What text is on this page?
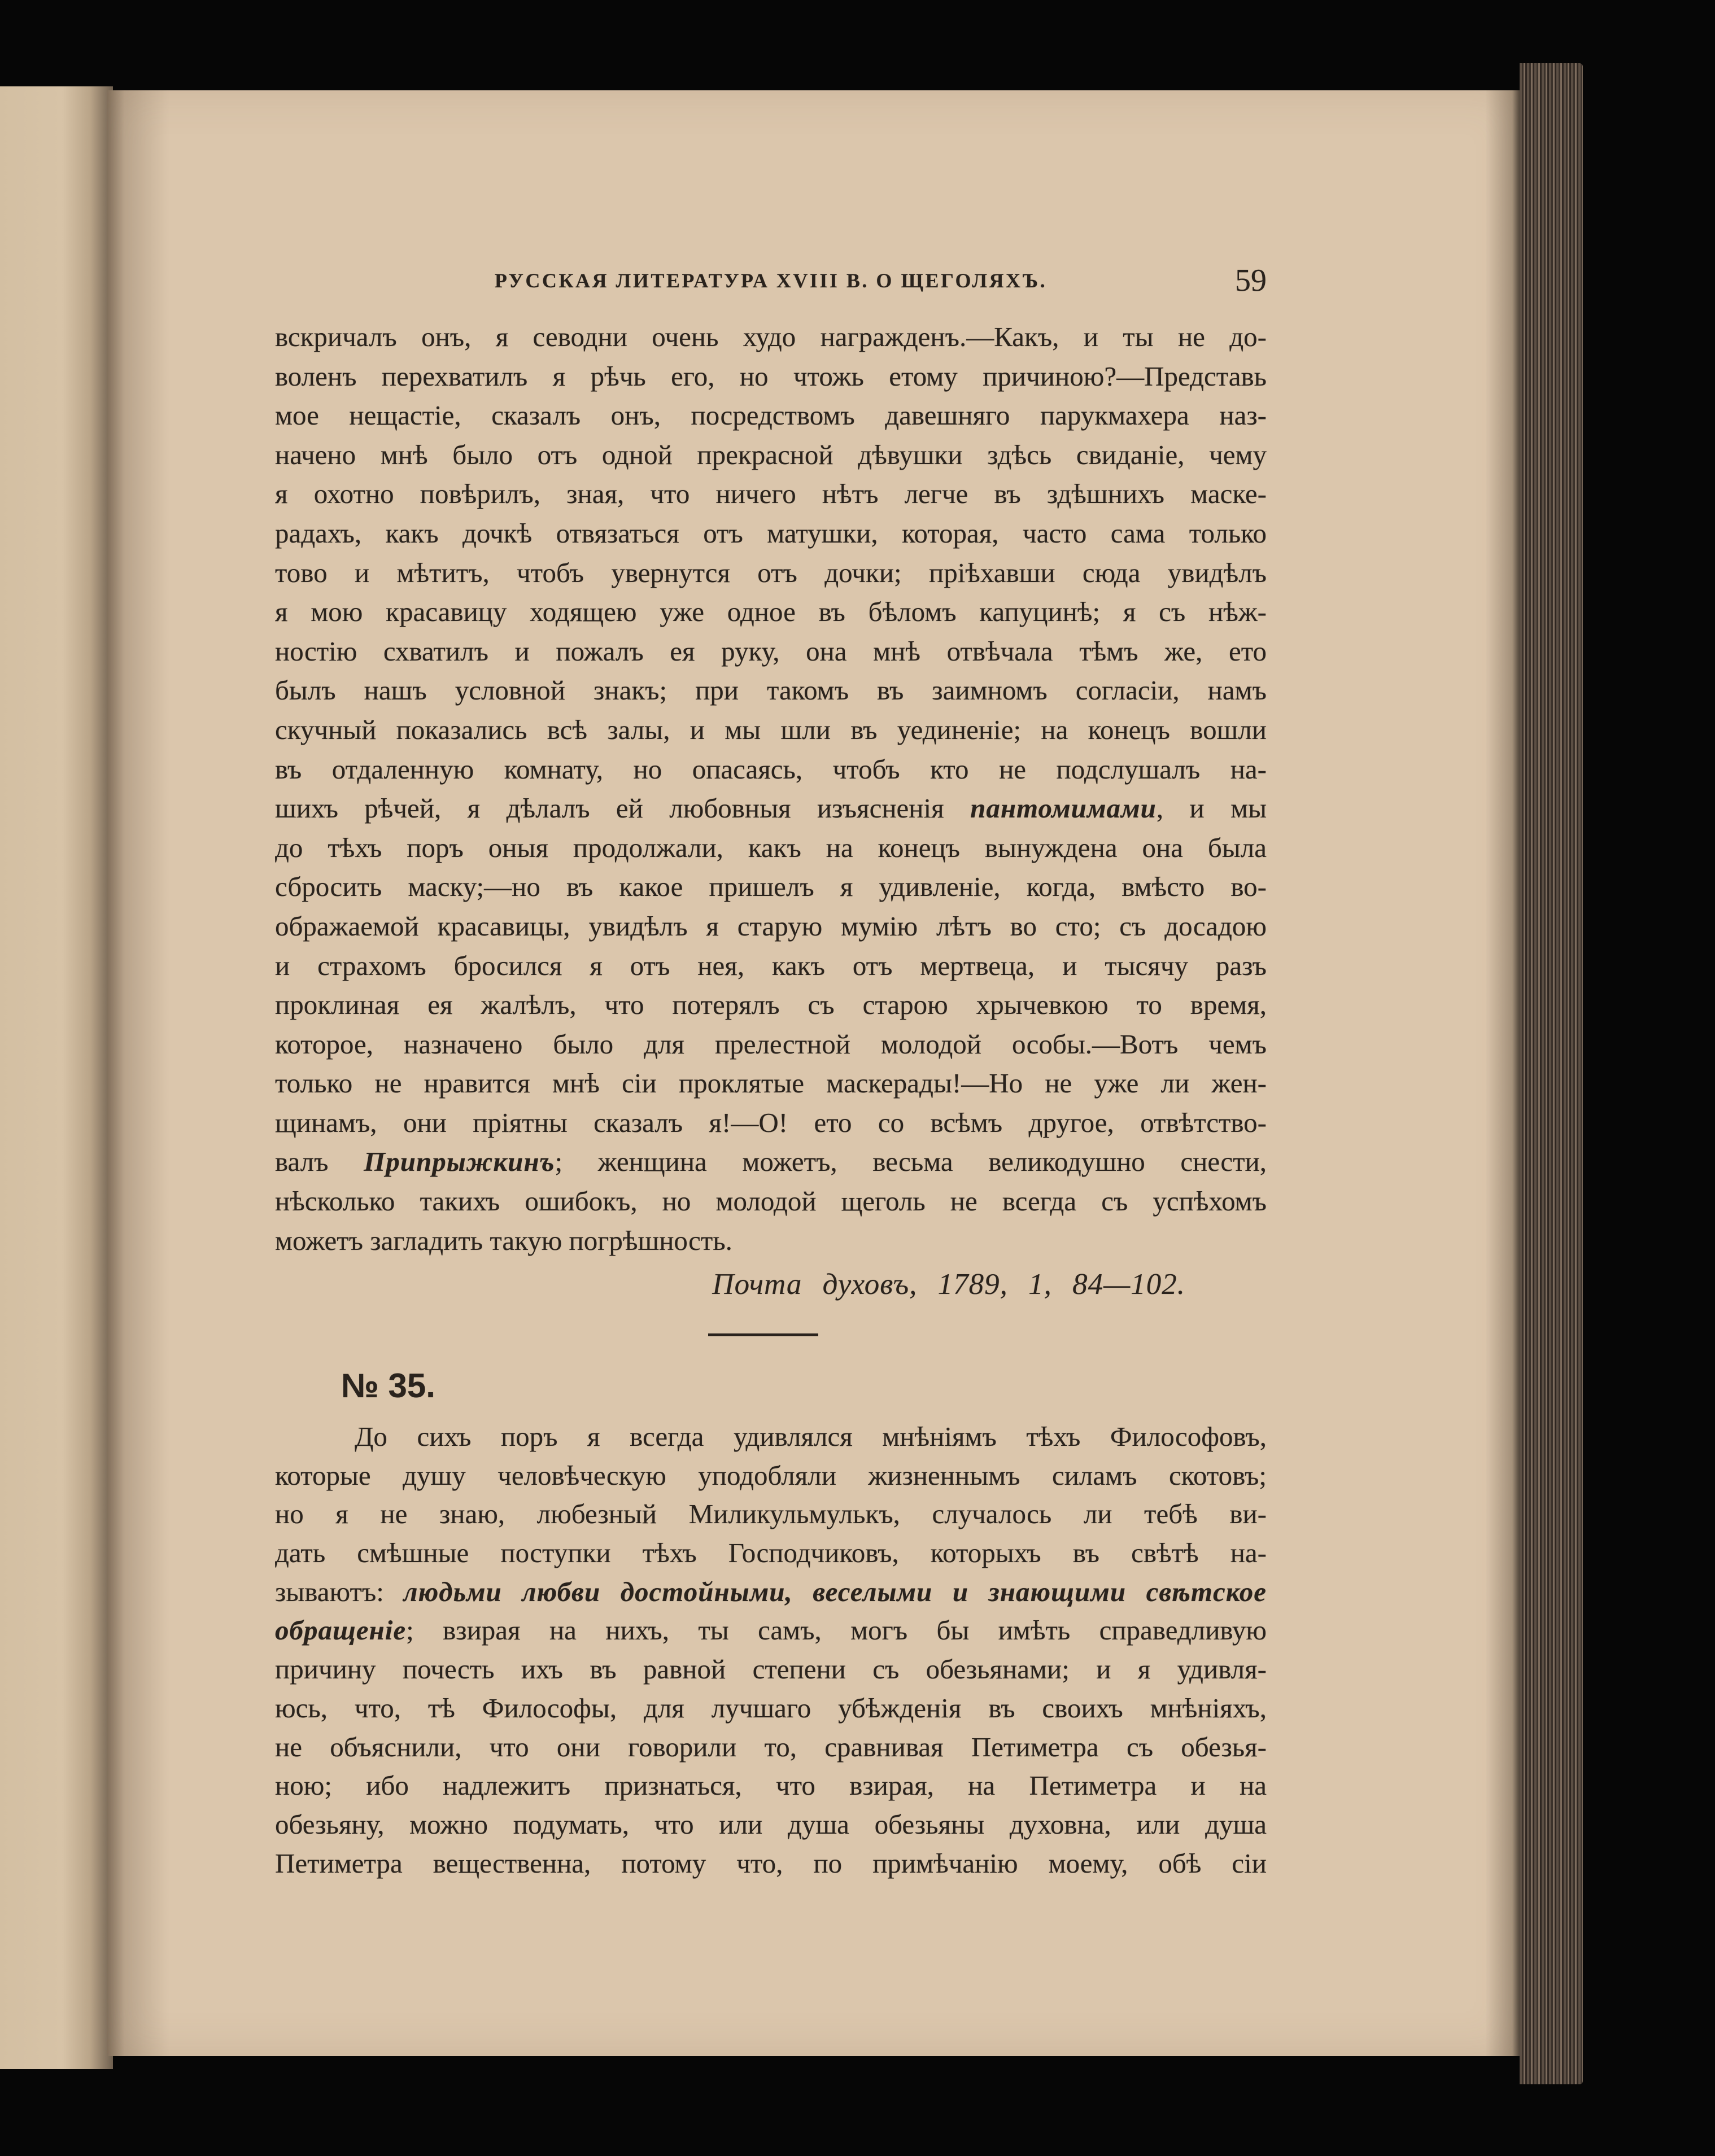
РУССКАЯ ЛИТЕРАТУРА XVIII В. О ЩЕГОЛЯХЪ.	59
вскричалъ онъ, я севодни очень худо награжденъ.—Какъ, и ты не до-
воленъ перехватилъ я рѣчь его, но чтожь етому причиною?—Представь
мое нещастіе, сказалъ онъ, посредствомъ давешняго парукмахера наз-
начено мнѣ было отъ одной прекрасной дѣвушки здѣсь свиданіе, чему
я охотно повѣрилъ, зная, что ничего нѣтъ легче въ здѣшнихъ маске-
радахъ, какъ дочкѣ отвязаться отъ матушки, которая, часто сама только
тово и мѣтитъ, чтобъ увернутся отъ дочки; пріѣхавши сюда увидѣлъ
я мою красавицу ходящею уже одное въ бѣломъ капуцинѣ; я съ нѣж-
ностію схватилъ и пожалъ ея руку, она мнѣ отвѣчала тѣмъ же, ето
былъ нашъ условной знакъ; при такомъ въ заимномъ согласіи, намъ
скучный показались всѣ залы, и мы шли въ уединеніе; на конецъ вошли
въ отдаленную комнату, но опасаясь, чтобъ кто не подслушалъ на-
шихъ рѣчей, я дѣлалъ ей любовныя изъясненія пантомимами, и мы
до тѣхъ поръ оныя продолжали, какъ на конецъ вынуждена она была
сбросить маску;—но въ какое пришелъ я удивленіе, когда, вмѣсто во-
ображаемой красавицы, увидѣлъ я старую мумію лѣтъ во сто; съ досадою
и страхомъ бросился я отъ нея, какъ отъ мертвеца, и тысячу разъ
проклиная ея жалѣлъ, что потерялъ съ старою хрычевкою то время,
которое, назначено было для прелестной молодой особы.—Вотъ чемъ
только не нравится мнѣ сіи проклятые маскерады!—Но не уже ли жен-
щинамъ, они пріятны сказалъ я!—О! ето со всѣмъ другое, отвѣтство-
валъ Припрыжкинъ; женщина можетъ, весьма великодушно снести,
нѣсколько такихъ ошибокъ, но молодой щеголь не всегда съ успѣхомъ
можетъ загладить такую погрѣшность.
Почта духовъ, 1789, 1, 84—102.
№ 35.
До сихъ поръ я всегда удивлялся мнѣніямъ тѣхъ Философовъ,
которые душу человѣческую уподобляли жизненнымъ силамъ скотовъ;
но я не знаю, любезный Миликульмулькъ, случалось ли тебѣ ви-
дать смѣшные поступки тѣхъ Господчиковъ, которыхъ въ свѣтѣ на-
зываютъ: людьми любви достойными, веселыми и знающими свѣтское
обращеніе; взирая на нихъ, ты самъ, могъ бы имѣть справедливую
причину почесть ихъ въ равной степени съ обезьянами; и я удивля-
юсь, что, тѣ Философы, для лучшаго убѣжденія въ своихъ мнѣніяхъ,
не объяснили, что они говорили то, сравнивая Петиметра съ обезья-
ною; ибо надлежитъ признаться, что взирая, на Петиметра и на
обезьяну, можно подумать, что или душа обезьяны духовна, или душа
Петиметра вещественна, потому что, по примѣчанію моему, обѣ сіи
